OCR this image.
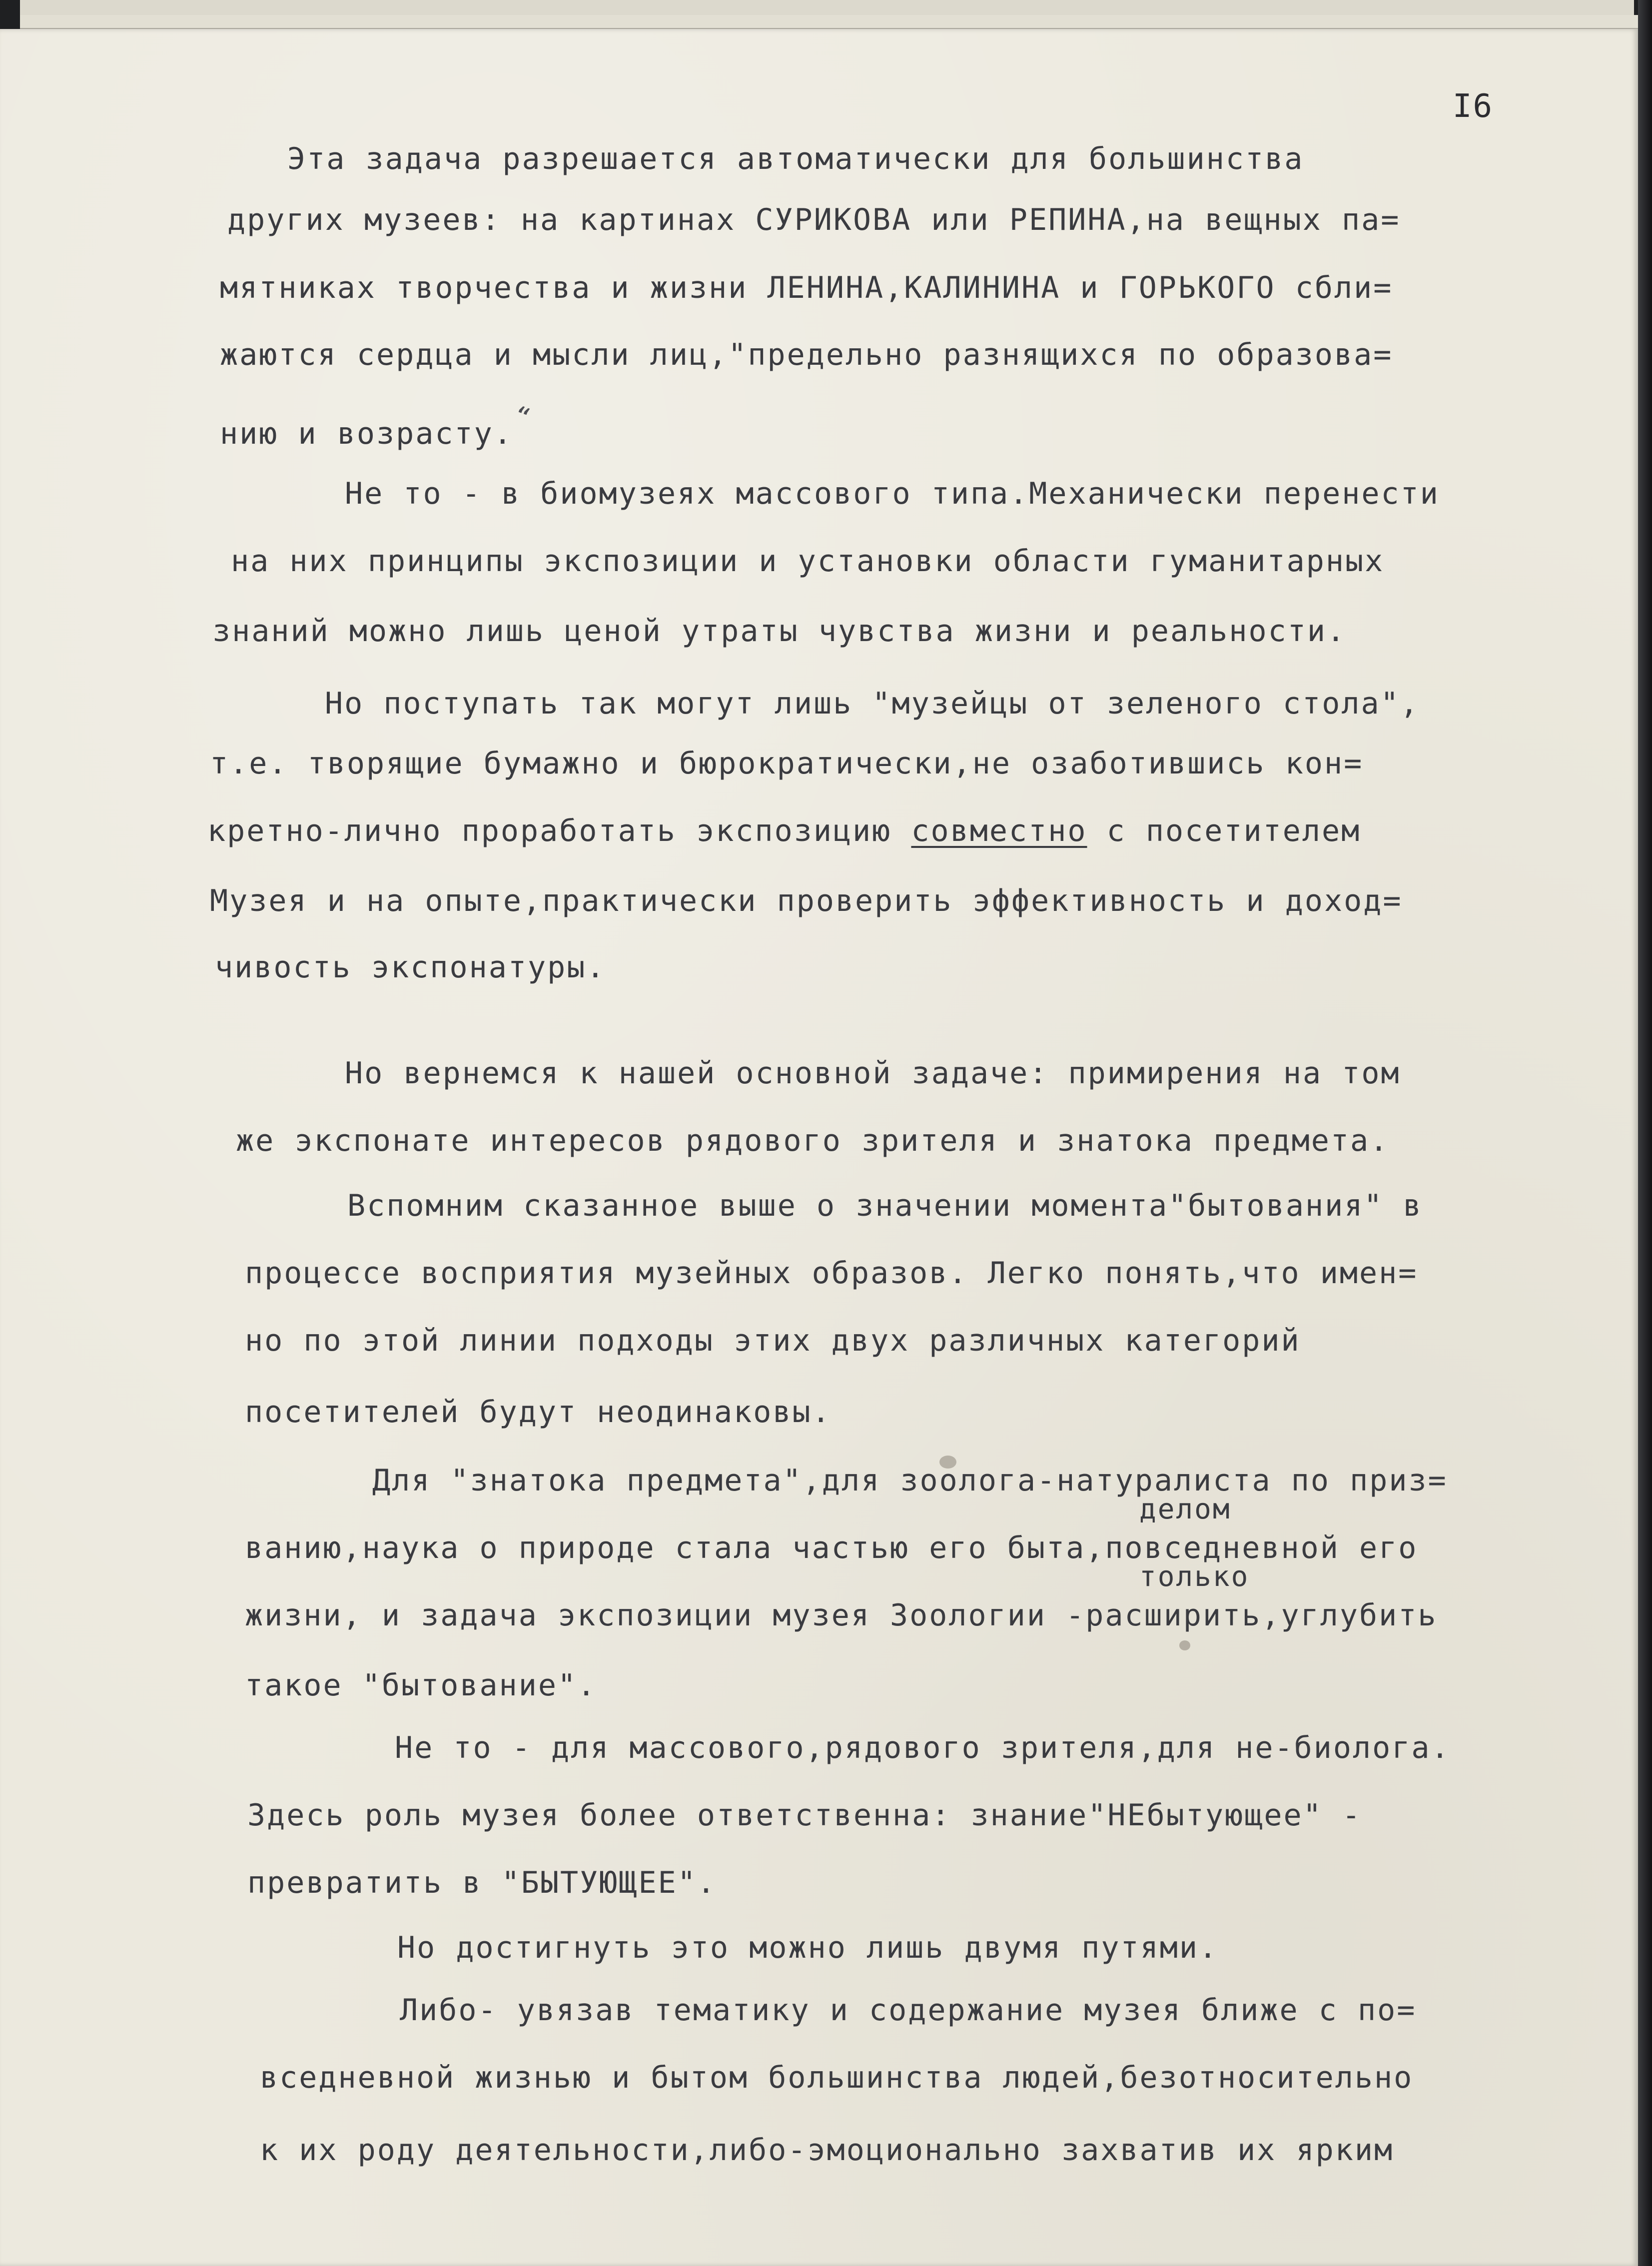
I6
Эта задача разрешается автоматически для большинства
других музеев: на картинах СУРИКОВА или РЕПИНА,на вещных па=
мятниках творчества и жизни ЛЕНИНА,КАЛИНИНА и ГОРЬКОГО сбли=
жаются сердца и мысли лиц,"предельно разнящихся по образова=
нию и возрасту.
“
Не то - в биомузеях массового типа.Механически перенести
на них принципы экспозиции и установки области гуманитарных
знаний можно лишь ценой утраты чувства жизни и реальности.
Но поступать так могут лишь "музейцы от зеленого стола",
т.е. творящие бумажно и бюрократически,не озаботившись кон=
кретно-лично проработать экспозицию совместно с посетителем
Музея и на опыте,практически проверить эффективность и доход=
чивость экспонатуры.
Но вернемся к нашей основной задаче: примирения на том
же экспонате интересов рядового зрителя и знатока предмета.
Вспомним сказанное выше о значении момента"бытования" в
процессе восприятия музейных образов. Легко понять,что имен=
но по этой линии подходы этих двух различных категорий
посетителей будут неодинаковы.
Для "знатока предмета",для зоолога-натуралиста по приз=
делом
ванию,наука о природе стала частью его быта,повседневной его
только
жизни, и задача экспозиции музея Зоологии -расширить,углубить
такое "бытование".
Не то - для массового,рядового зрителя,для не-биолога.
Здесь роль музея более ответственна: знание"НЕбытующее" -
превратить в "БЫТУЮЩЕЕ".
Но достигнуть это можно лишь двумя путями.
Либо- увязав тематику и содержание музея ближе с по=
вседневной жизнью и бытом большинства людей,безотносительно
к их роду деятельности,либо-эмоционально захватив их ярким
